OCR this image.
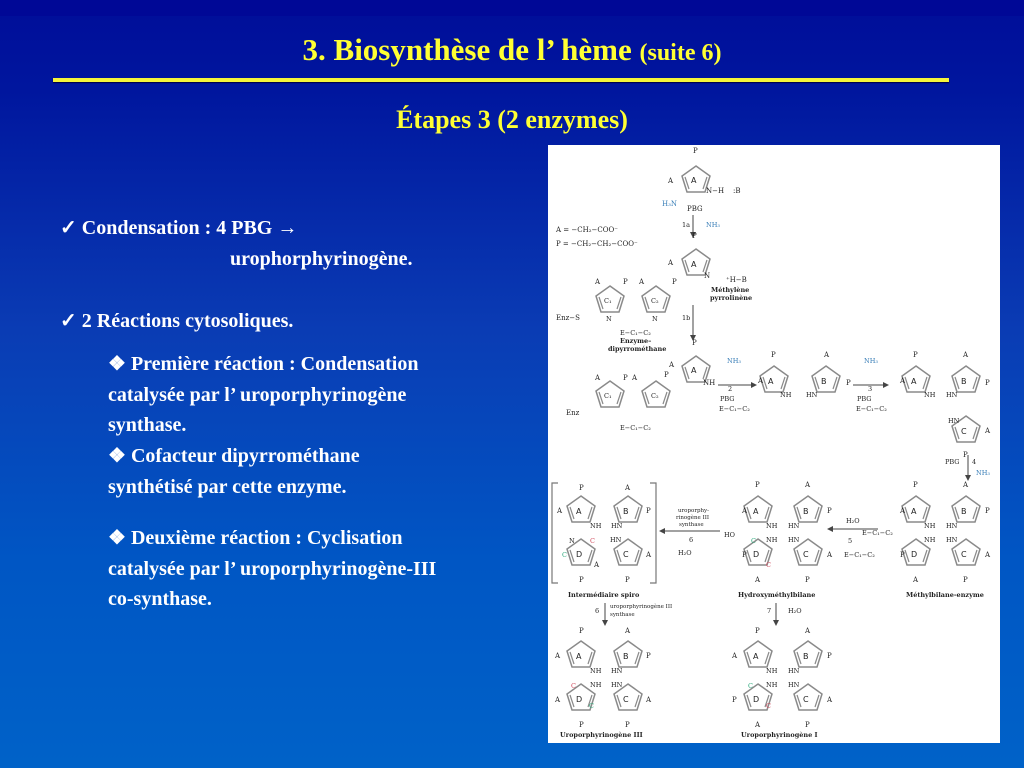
3. Biosynthèse de l’ hème (suite 6)
Étapes 3 (2 enzymes)
✓ Condensation : 4 PBG →
urophorphyrinogène.
✓ 2 Réactions cytosoliques.
❖ Première réaction : Condensation
catalysée par l’ uroporphyrinogène
synthase.
❖ Cofacteur dipyrrométhane
synthétisé par cette enzyme.
❖ Deuxième réaction : Cyclisation
catalysée par l’ uroporphyrinogène-III
co-synthase.
A = −CH₂−COO⁻
P = −CH₂−CH₂−COO⁻
P
A A
N−H :B
H₃N
PBG
1a NH₃
P
A A
N ⁺H−B
Méthylène
pyrrolinène
A	P A	P
C₁	C₂
Enz−S	N	N
E−C₁−C₂
Enzyme–
dipyrrométhane
1b
P
A	P A	P
A
A
C₁	C₂
NH
Enz
E−C₁−C₂
2
NH₃
PBG
E−C₁−C₂
A
P
A	B
A
P
NH HN
3
NH₃
PBG
E−C₁−C₂
A
P	A
P
A	B
C
NH HN
HN
A
P
PBG 4
NH₃
P	A
A	P
P	A
A	P
A	B
D	C
NH HN
NH HN
Méthylbilane-enzyme
H₂O
5
E−C₁−C₂
E−C₁−C₂
P	A
A	P
P	A
A	P
A	B
D	C
NH HN
NH HN
C
C
HO
Hydroxyméthylbilane
uroporphy-
rinogène III
synthase
6
H₂O
P	A
A	P
A
P	P
A
A	B
D	C
NH HN
HN
N C
C
Intermédiaire spiro
6 uroporphyrinogène III
synthase	7	H₂O
P	A
A	P
A	A
P	P
A	B
D	C
NH HN
NH HN
C
C
Uroporphyrinogène III
P	A
A	P
P	A
A	P
A	B
D	C
NH HN
NH HN
C
C
Uroporphyrinogène I
